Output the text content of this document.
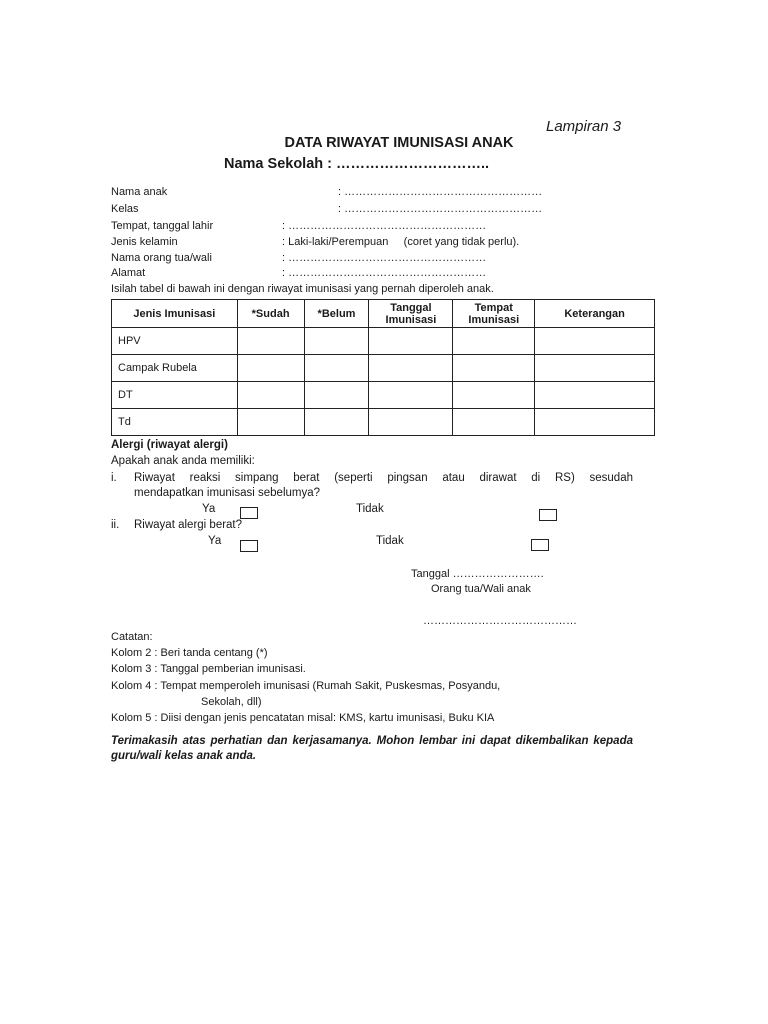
Lampiran 3
DATA RIWAYAT IMUNISASI ANAK
Nama Sekolah : …………………………..
Nama anak	: ………………………………………………
Kelas	: ………………………………………………
Tempat, tanggal lahir	: ………………………………………………
Jenis kelamin	: Laki-laki/Perempuan     (coret yang tidak perlu).
Nama orang tua/wali	: ………………………………………………
Alamat	: ………………………………………………
Isilah tabel di bawah ini dengan riwayat imunisasi yang pernah diperoleh anak.
Jenis Imunisasi	*Sudah	*Belum	Tanggal Imunisasi	Tempat Imunisasi	Keterangan
HPV					
Campak Rubela					
DT					
Td					
Alergi (riwayat alergi)
Apakah anak anda memiliki:
i. Riwayat reaksi simpang berat (seperti pingsan atau dirawat di RS) sesudah
mendapatkan imunisasi sebelumya?
Ya	Tidak
ii. Riwayat alergi berat?
Ya	Tidak
Tanggal …………………….
Orang tua/Wali anak
……………………………………
Catatan:
Kolom 2 : Beri tanda centang (*)
Kolom 3 : Tanggal pemberian imunisasi.
Kolom 4 : Tempat memperoleh imunisasi (Rumah Sakit, Puskesmas, Posyandu,
Sekolah, dll)
Kolom 5 : Diisi dengan jenis pencatatan misal: KMS, kartu imunisasi, Buku KIA
Terimakasih atas perhatian dan kerjasamanya. Mohon lembar ini dapat dikembalikan kepada guru/wali kelas anak anda.
